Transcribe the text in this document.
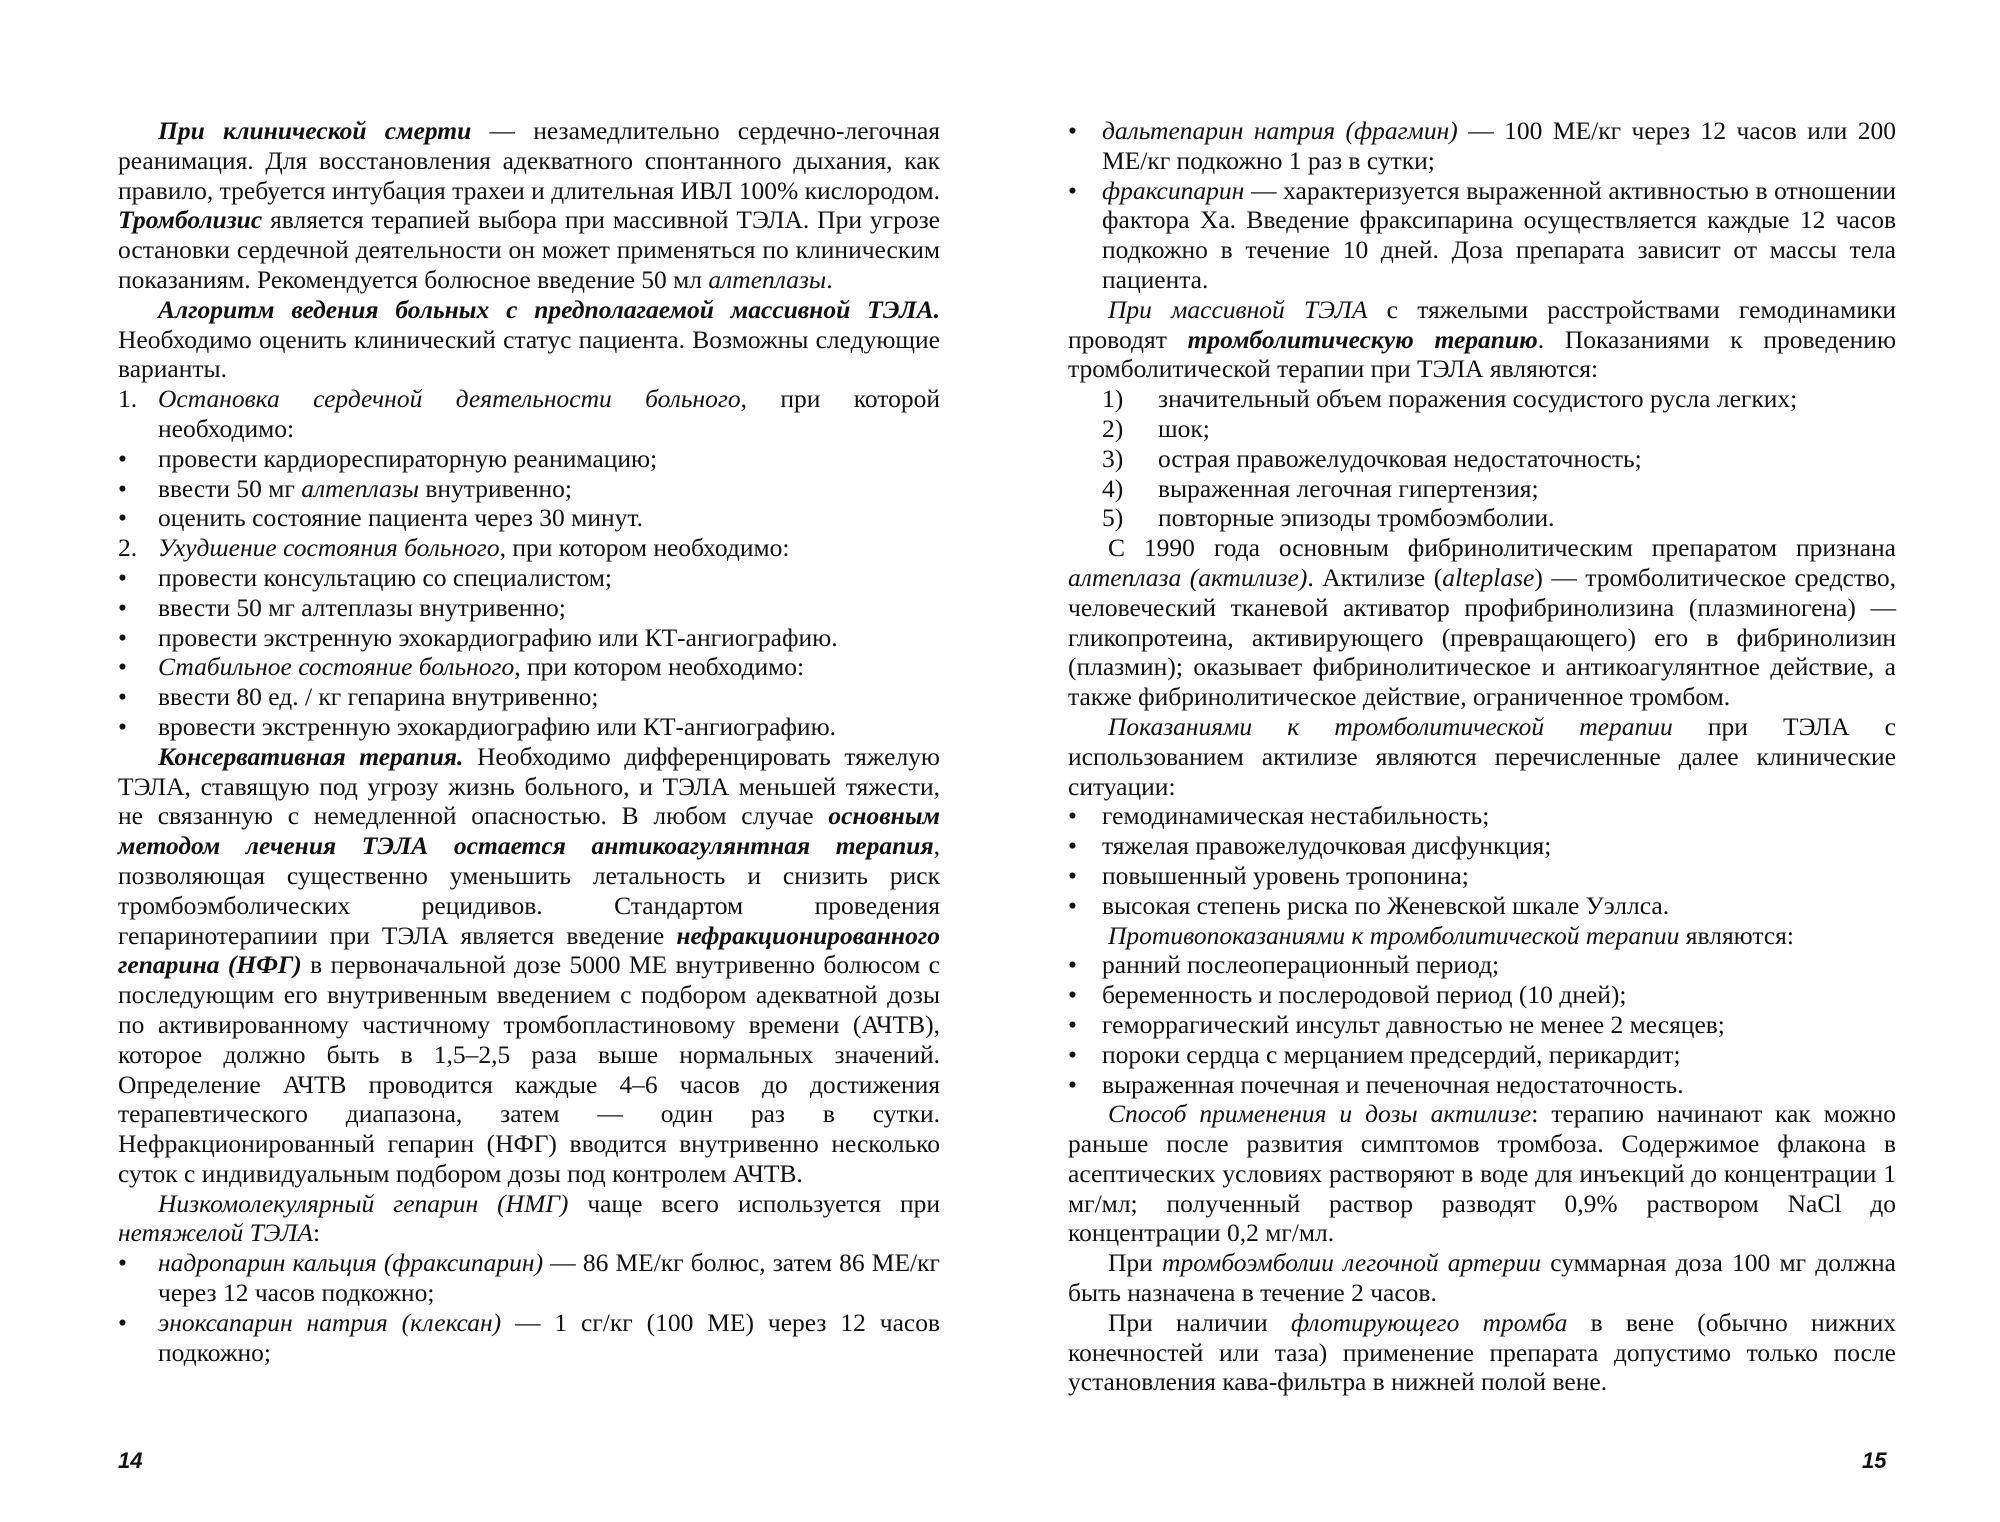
При клинической смерти — незамедлительно сердечно-легочная реанимация. Для восстановления адекватного спонтанного дыхания, как правило, требуется интубация трахеи и длительная ИВЛ 100% кислородом. Тромболизис является терапией выбора при массивной ТЭЛА. При угрозе остановки сердечной деятельности он может применяться по клиническим показаниям. Рекомендуется болюсное введение 50 мл алтеплазы.

Алгоритм ведения больных с предполагаемой массивной ТЭЛА. Необходимо оценить клинический статус пациента. Возможны следующие варианты.

1. Остановка сердечной деятельности больного, при которой необходимо:
• провести кардиореспираторную реанимацию;
• ввести 50 мг алтеплазы внутривенно;
• оценить состояние пациента через 30 минут.
2. Ухудшение состояния больного, при котором необходимо:
• провести консультацию со специалистом;
• ввести 50 мг алтеплазы внутривенно;
• провести экстренную эхокардиографию или КТ-ангиографию.
• Стабильное состояние больного, при котором необходимо:
• ввести 80 ед. / кг гепарина внутривенно;
• вровести экстренную эхокардиографию или КТ-ангиографию.

Консервативная терапия. Необходимо дифференцировать тяжелую ТЭЛА, ставящую под угрозу жизнь больного, и ТЭЛА меньшей тяжести, не связанную с немедленной опасностью. В любом случае основным методом лечения ТЭЛА остается антикоагулянтная терапия, позволяющая существенно уменьшить летальность и снизить риск тромбоэмболических рецидивов. Стандартом проведения гепаринотерапиии при ТЭЛА является введение нефракционированного гепарина (НФГ) в первоначальной дозе 5000 МЕ внутривенно болюсом с последующим его внутривенным введением с подбором адекватной дозы по активированному частичному тромбопластиновому времени (АЧТВ), которое должно быть в 1,5–2,5 раза выше нормальных значений. Определение АЧТВ проводится каждые 4–6 часов до достижения терапевтического диапазона, затем — один раз в сутки. Нефракционированный гепарин (НФГ) вводится внутривенно несколько суток с индивидуальным подбором дозы под контролем АЧТВ.

Низкомолекулярный гепарин (НМГ) чаще всего используется при нетяжелой ТЭЛА:

• надропарин кальция (фраксипарин) — 86 МЕ/кг болюс, затем 86 МЕ/кг через 12 часов подкожно;
• эноксапарин натрия (клексан) — 1 сг/кг (100 МЕ) через 12 часов подкожно;
• дальтепарин натрия (фрагмин) — 100 МЕ/кг через 12 часов или 200 МЕ/кг подкожно 1 раз в сутки;
• фраксипарин — характеризуется выраженной активностью в отношении фактора Ха. Введение фраксипарина осуществляется каждые 12 часов подкожно в течение 10 дней. Доза препарата зависит от массы тела пациента.

При массивной ТЭЛА с тяжелыми расстройствами гемодинамики проводят тромболитическую терапию. Показаниями к проведению тромболитической терапии при ТЭЛА являются:

1) значительный объем поражения сосудистого русла легких;
2) шок;
3) острая правожелудочковая недостаточность;
4) выраженная легочная гипертензия;
5) повторные эпизоды тромбоэмболии.

С 1990 года основным фибринолитическим препаратом признана алтеплаза (актилизе). Актилизе (alteplase) — тромболитическое средство, человеческий тканевой активатор профибринолизина (плазминогена) — гликопротеина, активирующего (превращающего) его в фибринолизин (плазмин); оказывает фибринолитическое и антикоагулянтное действие, а также фибринолитическое действие, ограниченное тромбом.

Показаниями к тромболитической терапии при ТЭЛА с использованием актилизе являются перечисленные далее клинические ситуации:

• гемодинамическая нестабильность;
• тяжелая правожелудочковая дисфункция;
• повышенный уровень тропонина;
• высокая степень риска по Женевской шкале Уэллса.

Противопоказаниями к тромболитической терапии являются:

• ранний послеоперационный период;
• беременность и послеродовой период (10 дней);
• геморрагический инсульт давностью не менее 2 месяцев;
• пороки сердца с мерцанием предсердий, перикардит;
• выраженная почечная и печеночная недостаточность.

Способ применения и дозы актилизе: терапию начинают как можно раньше после развития симптомов тромбоза. Содержимое флакона в асептических условиях растворяют в воде для инъекций до концентрации 1 мг/мл; полученный раствор разводят 0,9% раствором NaCl до концентрации 0,2 мг/мл.

При тромбоэмболии легочной артерии суммарная доза 100 мг должна быть назначена в течение 2 часов.

При наличии флотирующего тромба в вене (обычно нижних конечностей или таза) применение препарата допустимо только после установления кава-фильтра в нижней полой вене.

14	15
